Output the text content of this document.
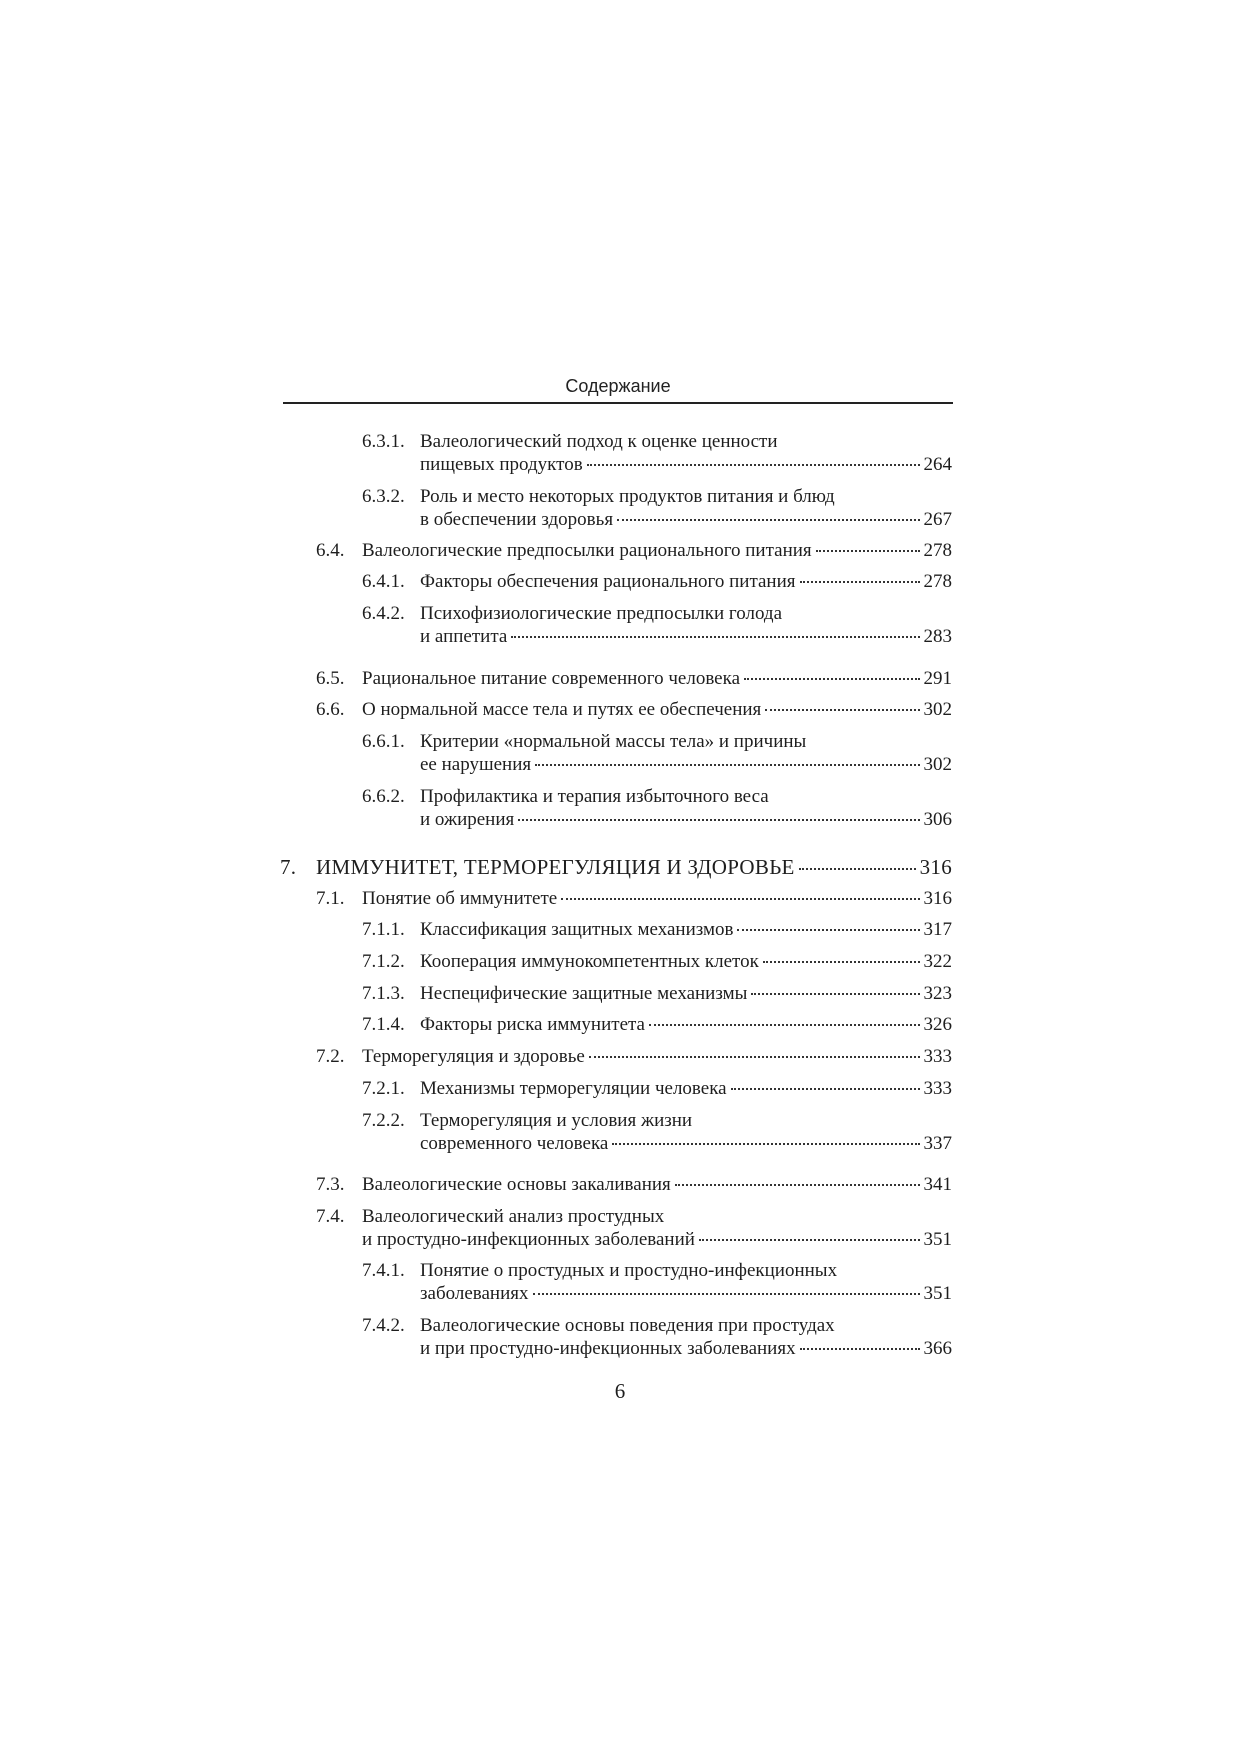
Содержание
6.3.1. Валеологический подход к оценке ценности
пищевых продуктов	264
6.3.2. Роль и место некоторых продуктов питания и блюд
в обеспечении здоровья	267
6.4. Валеологические предпосылки рационального питания	278
6.4.1. Факторы обеспечения рационального питания	278
6.4.2. Психофизиологические предпосылки голода
и аппетита	283
6.5. Рациональное питание современного человека	291
6.6. О нормальной массе тела и путях ее обеспечения	302
6.6.1. Критерии «нормальной массы тела» и причины
ее нарушения	302
6.6.2. Профилактика и терапия избыточного веса
и ожирения	306
7. ИММУНИТЕТ, ТЕРМОРЕГУЛЯЦИЯ И ЗДОРОВЬЕ	316
7.1. Понятие об иммунитете	316
7.1.1. Классификация защитных механизмов	317
7.1.2. Кооперация иммунокомпетентных клеток	322
7.1.3. Неспецифические защитные механизмы	323
7.1.4. Факторы риска иммунитета	326
7.2. Терморегуляция и здоровье	333
7.2.1. Механизмы терморегуляции человека	333
7.2.2. Терморегуляция и условия жизни
современного человека	337
7.3. Валеологические основы закаливания	341
7.4. Валеологический анализ простудных
и простудно-инфекционных заболеваний	351
7.4.1. Понятие о простудных и простудно-инфекционных
заболеваниях	351
7.4.2. Валеологические основы поведения при простудах
и при простудно-инфекционных заболеваниях	366
6
